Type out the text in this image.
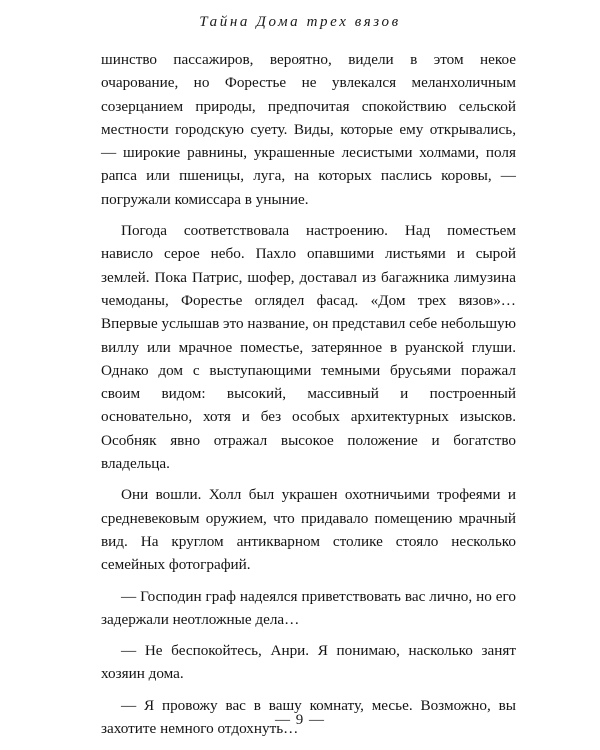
Тайна Дома трех вязов

шинство пассажиров, вероятно, видели в этом некое очарование, но Форестье не увлекался меланхоличным созерцанием природы, предпочитая спокойствию сельской местности городскую суету. Виды, которые ему открывались, — широкие равнины, украшенные лесистыми холмами, поля рапса или пшеницы, луга, на которых паслись коровы, — погружали комиссара в уныние.

Погода соответствовала настроению. Над поместьем нависло серое небо. Пахло опавшими листьями и сырой землей. Пока Патрис, шофер, доставал из багажника лимузина чемоданы, Форестье оглядел фасад. «Дом трех вязов»… Впервые услышав это название, он представил себе небольшую виллу или мрачное поместье, затерянное в руанской глуши. Однако дом с выступающими темными брусьями поражал своим видом: высокий, массивный и построенный основательно, хотя и без особых архитектурных изысков. Особняк явно отражал высокое положение и богатство владельца.

Они вошли. Холл был украшен охотничьими трофеями и средневековым оружием, что придавало помещению мрачный вид. На круглом антикварном столике стояло несколько семейных фотографий.

— Господин граф надеялся приветствовать вас лично, но его задержали неотложные дела…

— Не беспокойтесь, Анри. Я понимаю, насколько занят хозяин дома.

— Я провожу вас в вашу комнату, месье. Возможно, вы захотите немного отдохнуть…

— 9 —
